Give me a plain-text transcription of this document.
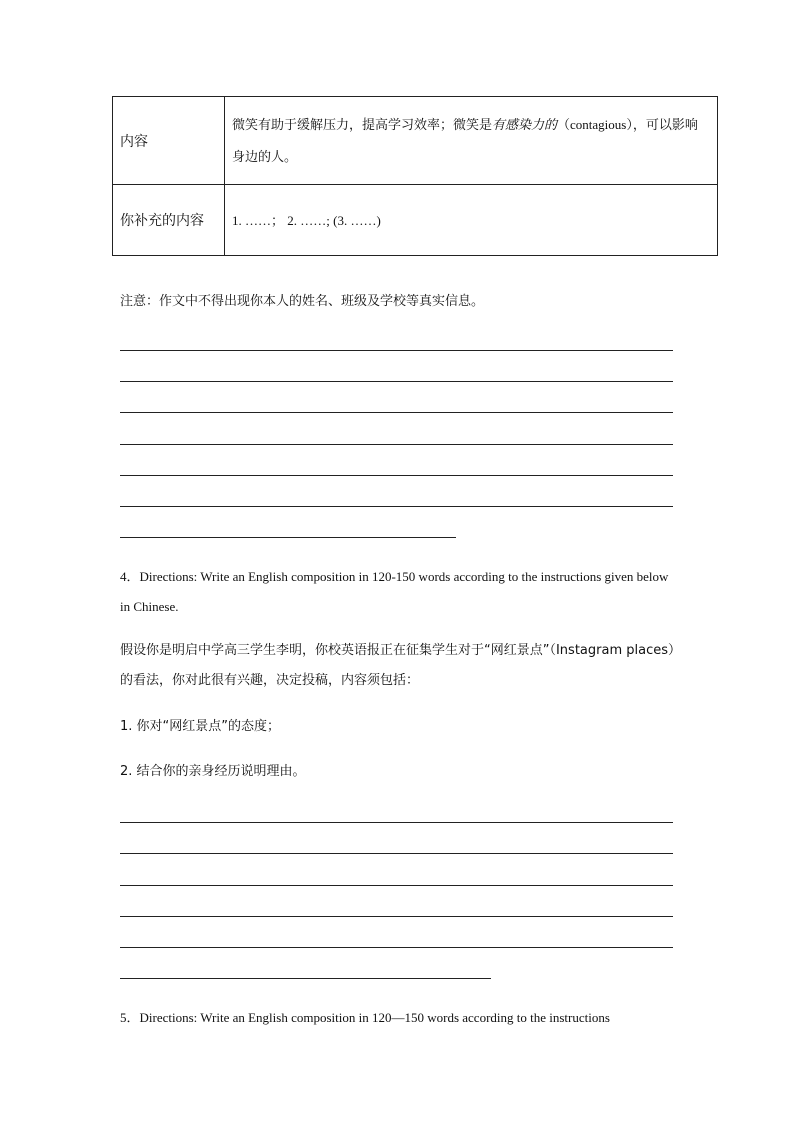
内容	微笑有助于缓解压力，提高学习效率；微笑是有感染力的（contagious），可以影响身边的人。
你补充的内容	1. ……； 2. ……; (3. ……)
注意：作文中不得出现你本人的姓名、班级及学校等真实信息。
4．Directions: Write an English composition in 120-150 words according to the instructions given below in Chinese.
假设你是明启中学高三学生李明，你校英语报正在征集学生对于“网红景点”（Instagram places）的看法，你对此很有兴趣，决定投稿，内容须包括：
1. 你对“网红景点”的态度；
2. 结合你的亲身经历说明理由。
5．Directions: Write an English composition in 120—150 words according to the instructions
